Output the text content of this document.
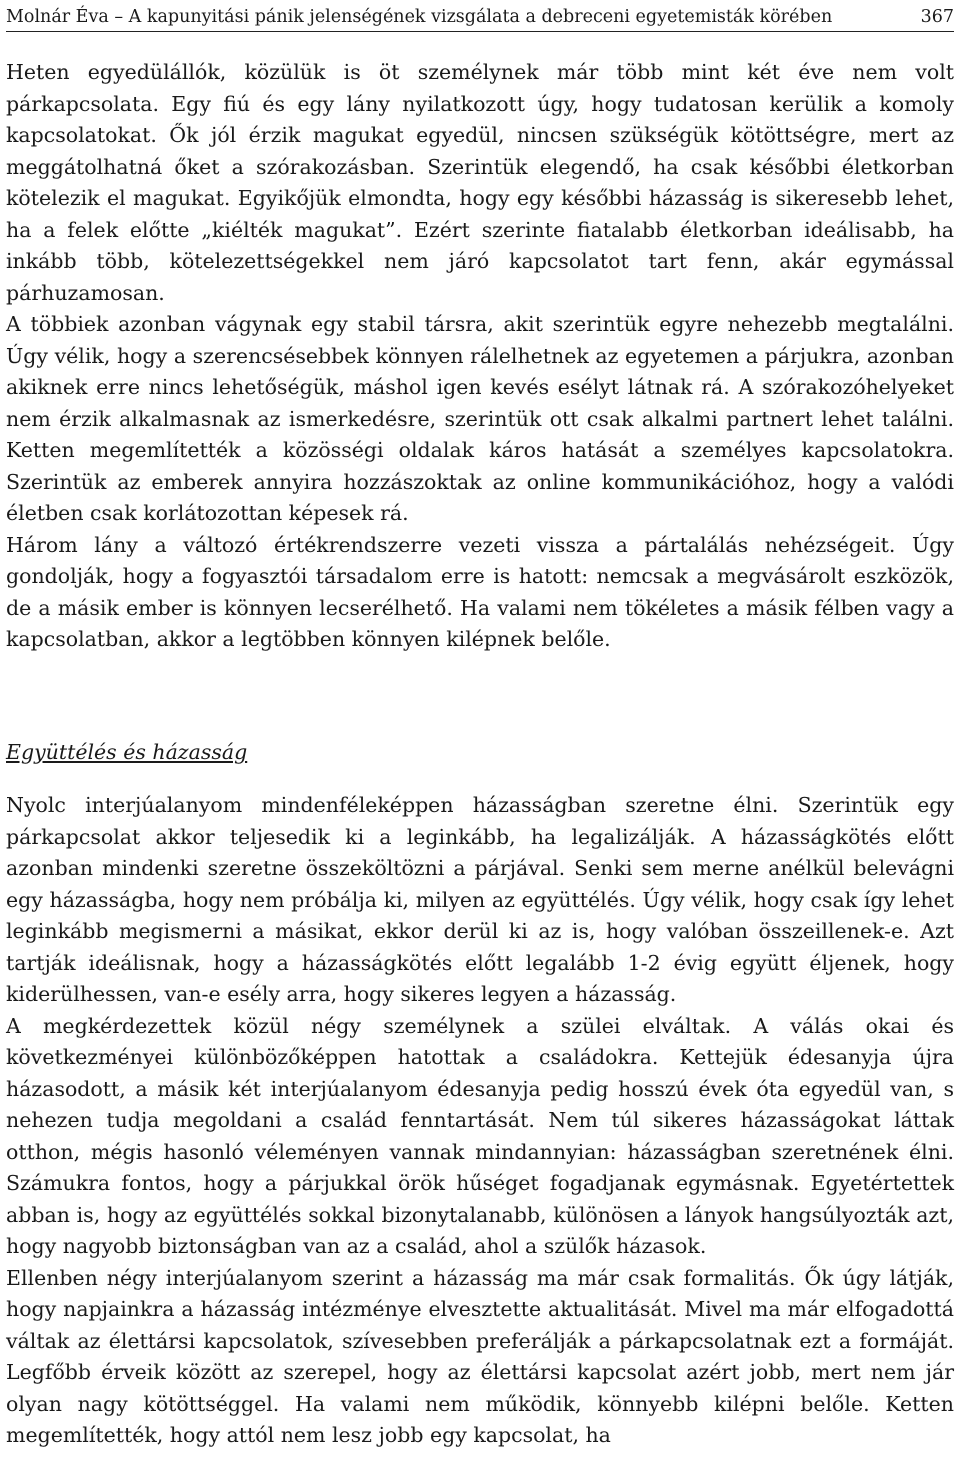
Molnár Éva – A kapunyitási pánik jelenségének vizsgálata a debreceni egyetemisták körében	367

Heten egyedülállók, közülük is öt személynek már több mint két éve nem volt párkapcsolata. Egy fiú és egy lány nyilatkozott úgy, hogy tudatosan kerülik a komoly kapcsolatokat. Ők jól érzik magukat egyedül, nincsen szükségük kötöttségre, mert az meggátolhatná őket a szórakozásban. Szerintük elegendő, ha csak későbbi életkorban kötelezik el magukat. Egyikőjük elmondta, hogy egy későbbi házasság is sikeresebb lehet, ha a felek előtte „kiélték magukat”. Ezért szerinte fiatalabb életkorban ideálisabb, ha inkább több, kötelezettségekkel nem járó kapcsolatot tart fenn, akár egymással párhuzamosan.

A többiek azonban vágynak egy stabil társra, akit szerintük egyre nehezebb megtalálni. Úgy vélik, hogy a szerencsésebbek könnyen rálelhetnek az egyetemen a párjukra, azonban akiknek erre nincs lehetőségük, máshol igen kevés esélyt látnak rá. A szórakozóhelyeket nem érzik alkalmasnak az ismerkedésre, szerintük ott csak alkalmi partnert lehet találni. Ketten megemlítették a közösségi oldalak káros hatását a személyes kapcsolatokra. Szerintük az emberek annyira hozzászoktak az online kommunikációhoz, hogy a valódi életben csak korlátozottan képesek rá.

Három lány a változó értékrendszerre vezeti vissza a pártalálás nehézségeit. Úgy gondolják, hogy a fogyasztói társadalom erre is hatott: nemcsak a megvásárolt eszközök, de a másik ember is könnyen lecserélhető. Ha valami nem tökéletes a másik félben vagy a kapcsolatban, akkor a legtöbben könnyen kilépnek belőle.

Együttélés és házasság

Nyolc interjúalanyom mindenféleképpen házasságban szeretne élni. Szerintük egy párkapcsolat akkor teljesedik ki a leginkább, ha legalizálják. A házasságkötés előtt azonban mindenki szeretne összeköltözni a párjával. Senki sem merne anélkül belevágni egy házasságba, hogy nem próbálja ki, milyen az együttélés. Úgy vélik, hogy csak így lehet leginkább megismerni a másikat, ekkor derül ki az is, hogy valóban összeillenek-e. Azt tartják ideálisnak, hogy a házasságkötés előtt legalább 1-2 évig együtt éljenek, hogy kiderülhessen, van-e esély arra, hogy sikeres legyen a házasság.

A megkérdezettek közül négy személynek a szülei elváltak. A válás okai és következményei különbözőképpen hatottak a családokra. Kettejük édesanyja újra házasodott, a másik két interjúalanyom édesanyja pedig hosszú évek óta egyedül van, s nehezen tudja megoldani a család fenntartását. Nem túl sikeres házasságokat láttak otthon, mégis hasonló véleményen vannak mindannyian: házasságban szeretnének élni. Számukra fontos, hogy a párjukkal örök hűséget fogadjanak egymásnak. Egyetértettek abban is, hogy az együttélés sokkal bizonytalanabb, különösen a lányok hangsúlyozták azt, hogy nagyobb biztonságban van az a család, ahol a szülők házasok.

Ellenben négy interjúalanyom szerint a házasság ma már csak formalitás. Ők úgy látják, hogy napjainkra a házasság intézménye elvesztette aktualitását. Mivel ma már elfogadottá váltak az élettársi kapcsolatok, szívesebben preferálják a párkapcsolatnak ezt a formáját. Legfőbb érveik között az szerepel, hogy az élettársi kapcsolat azért jobb, mert nem jár olyan nagy kötöttséggel. Ha valami nem működik, könnyebb kilépni belőle. Ketten megemlítették, hogy attól nem lesz jobb egy kapcsolat, ha
